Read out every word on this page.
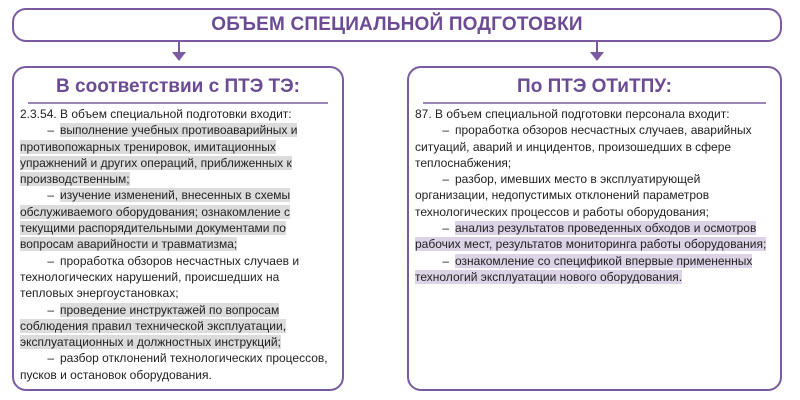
ОБЪЕМ СПЕЦИАЛЬНОЙ ПОДГОТОВКИ
В соответствии с ПТЭ ТЭ:

2.3.54. В объем специальной подготовки входит:

– выполнение учебных противоаварийных и противопожарных тренировок, имитационных упражнений и других операций, приближенных к производственным;

– изучение изменений, внесенных в схемы обслуживаемого оборудования; ознакомление с текущими распорядительными документами по вопросам аварийности и травматизма;

– проработка обзоров несчастных случаев и технологических нарушений, происшедших на тепловых энергоустановках;

– проведение инструктажей по вопросам соблюдения правил технической эксплуатации, эксплуатационных и должностных инструкций;

– разбор отклонений технологических процессов, пусков и остановок оборудования.

По ПТЭ ОТиТПУ:

87. В объем специальной подготовки персонала входит:

– проработка обзоров несчастных случаев, аварийных ситуаций, аварий и инцидентов, произошедших в сфере теплоснабжения;

– разбор, имевших место в эксплуатирующей организации, недопустимых отклонений параметров технологических процессов и работы оборудования;

– анализ результатов проведенных обходов и осмотров рабочих мест, результатов мониторинга работы оборудования;

– ознакомление со спецификой впервые примененных технологий эксплуатации нового оборудования.
